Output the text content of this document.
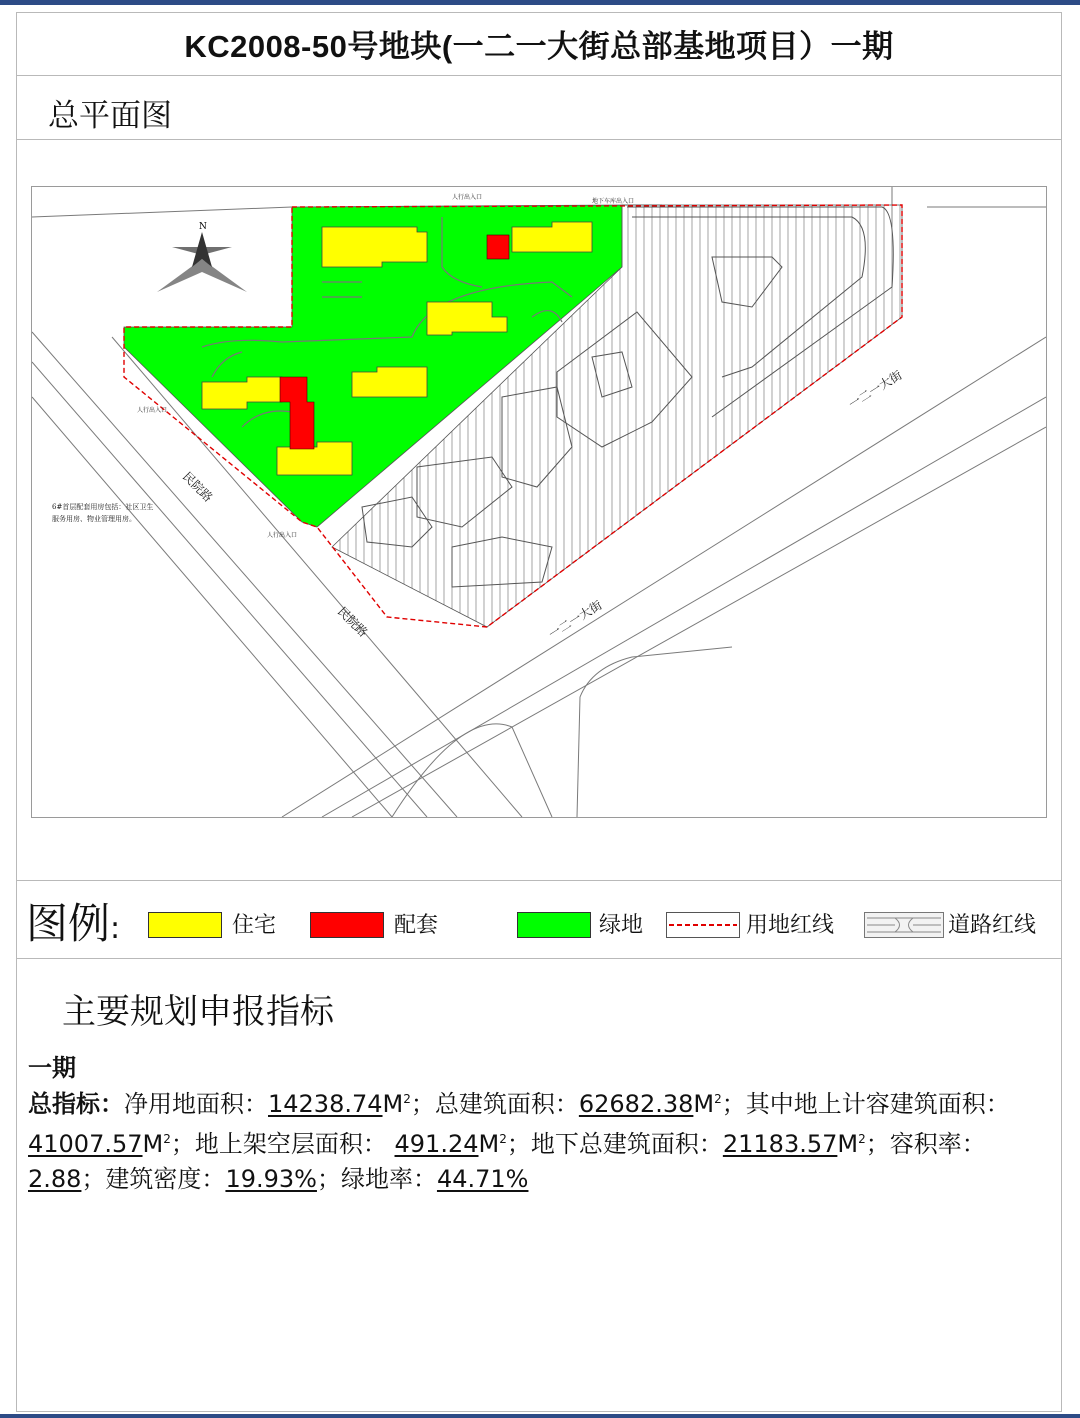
KC2008-50号地块(一二一大街总部基地项目）一期
总平面图
N
一二一大街
一二一大街
民院路
民院路
6#首层配套用房包括：社区卫生
服务用房、物业管理用房。
人行出入口
地下车库出入口
人行出入口
人行出入口
图例:	住宅	配套	绿地	用地红线	道路红线
主要规划申报指标
一期
总指标：净用地面积：$14238.74M^2$；总建筑面积：$62682.38M^2$；其中地上计容建筑面积： $41007.57M^2$；地上架空层面积： $491.24M^2$；地下总建筑面积：$21183.57M^2$；容积率：2.88；建筑密度：19.93%；绿地率：44.71%
